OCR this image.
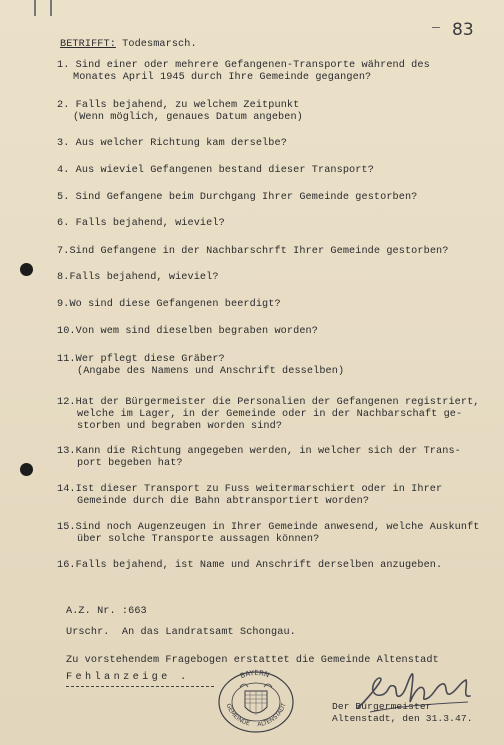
— 83
BETRIFFT: Todesmarsch.
1. Sind einer oder mehrere Gefangenen-Transporte während des
Monates April 1945 durch Ihre Gemeinde gegangen?
2. Falls bejahend, zu welchem Zeitpunkt
(Wenn möglich, genaues Datum angeben)
3. Aus welcher Richtung kam derselbe?
4. Aus wieviel Gefangenen bestand dieser Transport?
5. Sind Gefangene beim Durchgang Ihrer Gemeinde gestorben?
6. Falls bejahend, wieviel?
7.Sind Gefangene in der Nachbarschrft Ihrer Gemeinde gestorben?
8.Falls bejahend, wieviel?
9.Wo sind diese Gefangenen beerdigt?
10.Von wem sind dieselben begraben worden?
11.Wer pflegt diese Gräber?
(Angabe des Namens und Anschrift desselben)
12.Hat der Bürgermeister die Personalien der Gefangenen registriert,
welche im Lager, in der Gemeinde oder in der Nachbarschaft ge-
storben und begraben worden sind?
13.Kann die Richtung angegeben werden, in welcher sich der Trans-
port begeben hat?
14.Ist dieser Transport zu Fuss weitermarschiert oder in Ihrer
Gemeinde durch die Bahn abtransportiert worden?
15.Sind noch Augenzeugen in Ihrer Gemeinde anwesend, welche Auskunft
über solche Transporte aussagen können?
16.Falls bejahend, ist Name und Anschrift derselben anzugeben.
A.Z. Nr. :663
Urschr.  An das Landratsamt Schongau.
Zu vorstehendem Fragebogen erstattet die Gemeinde Altenstadt
Fehlanzeige .	BAYERN
GEMEINDE ALTENSTADT	Der Bürgermeister
Altenstadt, den 31.3.47.
